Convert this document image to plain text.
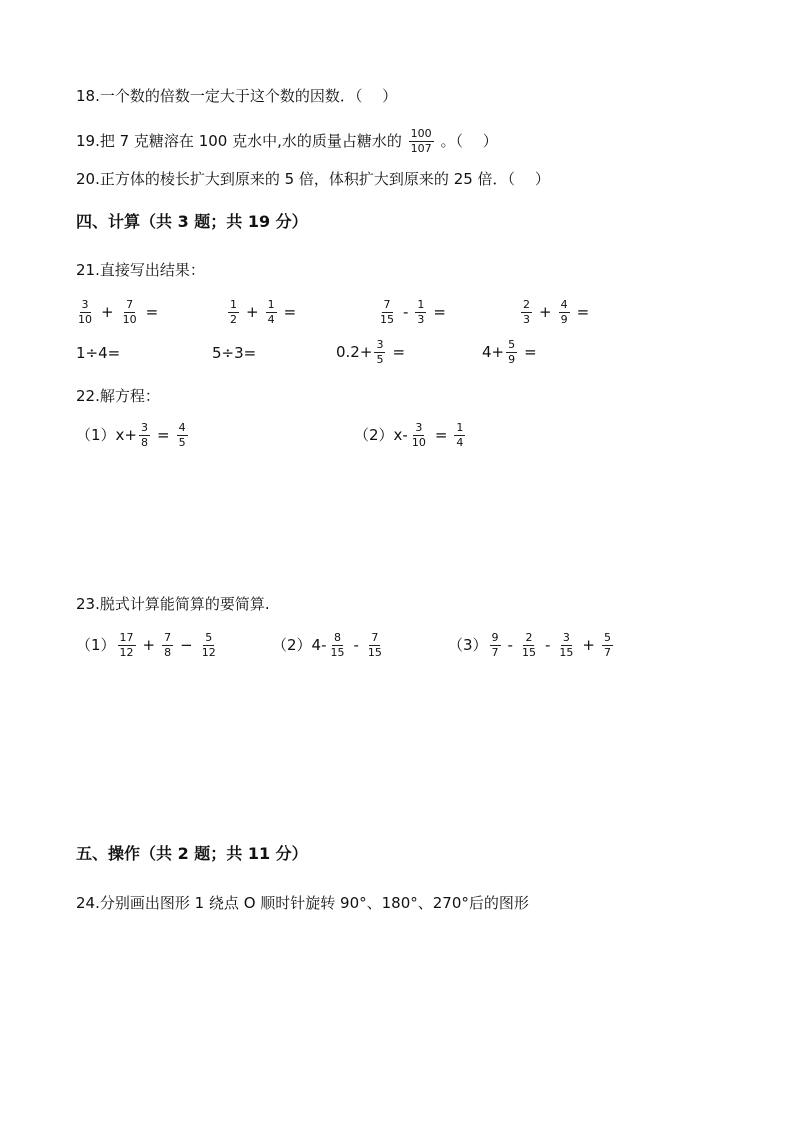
18.一个数的倍数一定大于这个数的因数．（　 ）
19.把 7 克糖溶在 100 克水中,水的质量占糖水的 $\frac{100}{107}$ 。（　 ）
20.正方体的棱长扩大到原来的 5 倍，体积扩大到原来的 25 倍．（　 ）
四、计算（共 3 题；共 19 分）
21.直接写出结果：
$\frac{3}{10} + \frac{7}{10}$ =	$\frac{1}{2} + \frac{1}{4}$ =	$\frac{7}{15} - \frac{1}{3}$ =	$\frac{2}{3} + \frac{4}{9}$ =
1÷4=	5÷3=	$0.2+ \frac{3}{5}$ =	$4+ \frac{5}{9}$ =
22.解方程：
$(1)x+ \frac{3}{8} = \frac{4}{5}$	$(2)x- \frac{3}{10} = \frac{1}{4}$
23.脱式计算能简算的要简算.
$(1) \frac{17}{12} + \frac{7}{8} - \frac{5}{12}$	$(2)4- \frac{8}{15} - \frac{7}{15}$	$(3) \frac{9}{7} - \frac{2}{15} - \frac{3}{15} + \frac{5}{7}$
五、操作（共 2 题；共 11 分）
24.分别画出图形 1 绕点 O 顺时针旋转 90°、180°、270°后的图形
